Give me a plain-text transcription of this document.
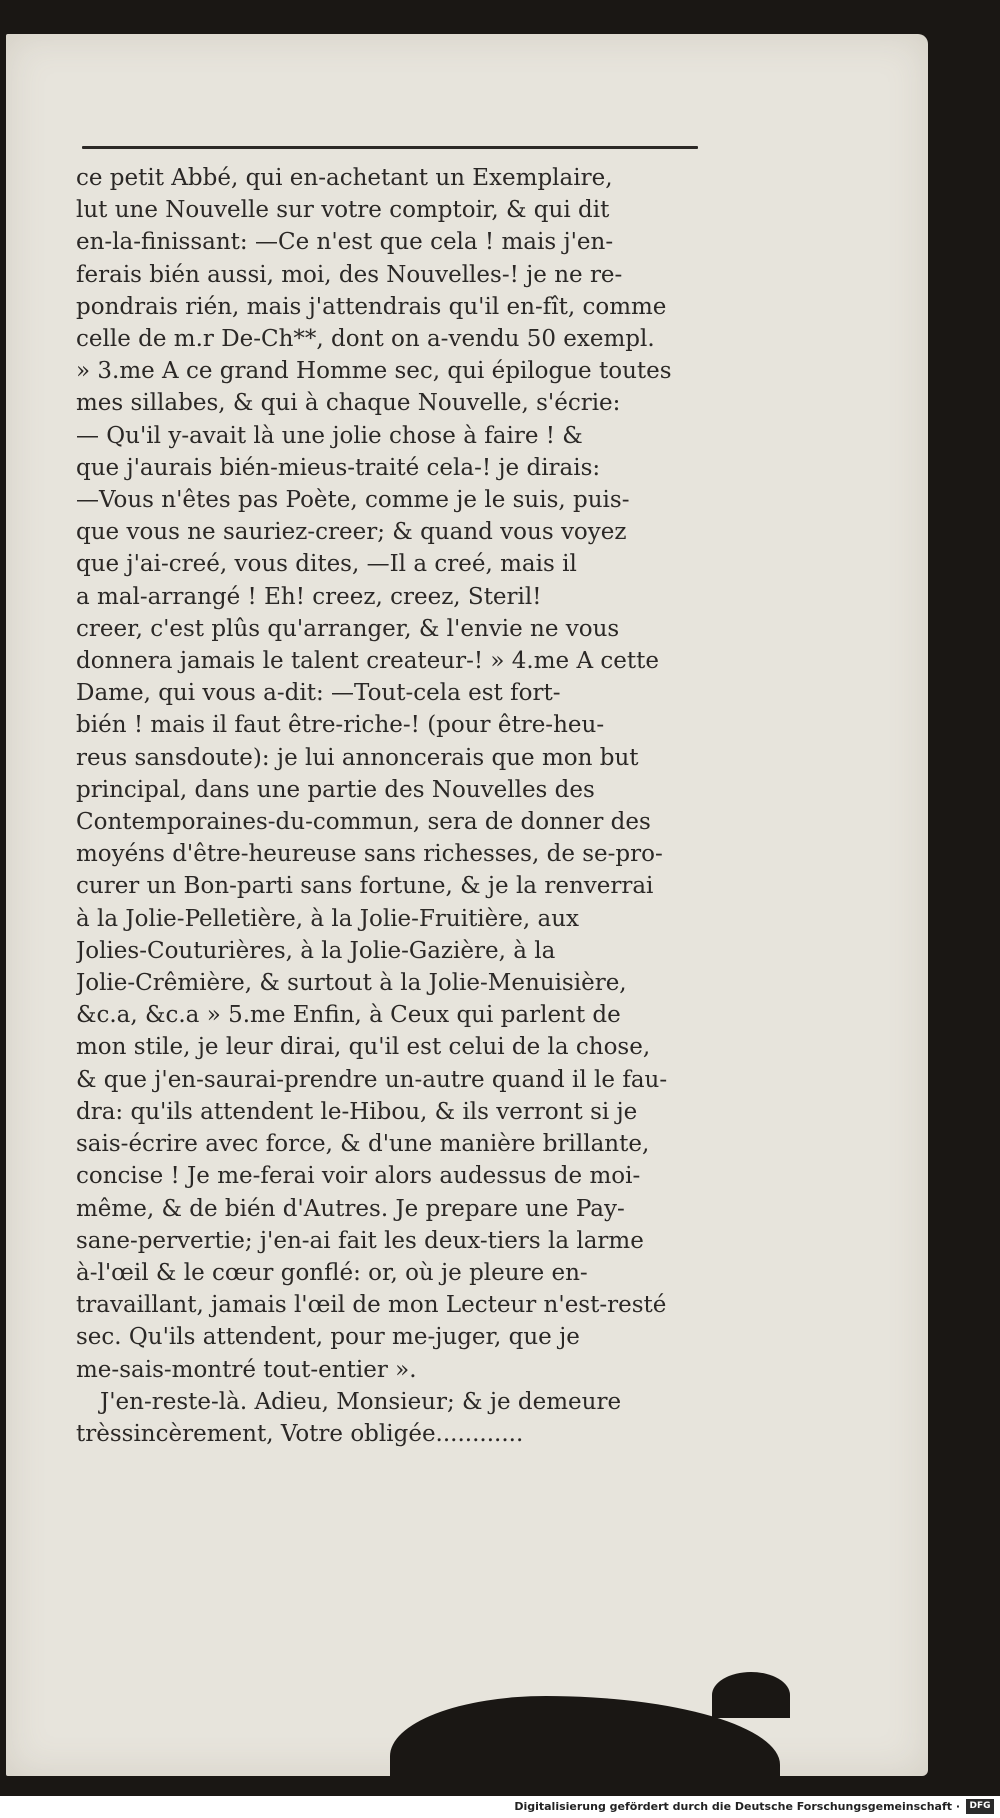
ce petit Abbé, qui en-achetant un Exemplaire,
lut une Nouvelle sur votre comptoir, & qui dit
en-la-finissant: —Ce n'est que cela ! mais j'en-
ferais bién aussi, moi, des Nouvelles-! je ne re-
pondrais rién, mais j'attendrais qu'il en-fît, comme
celle de m.r De-Ch**, dont on a-vendu 50 exempl.
» 3.me A ce grand Homme sec, qui épilogue toutes
mes sillabes, & qui à chaque Nouvelle, s'écrie:
— Qu'il y-avait là une jolie chose à faire ! &
que j'aurais bién-mieus-traité cela-! je dirais:
—Vous n'êtes pas Poète, comme je le suis, puis-
que vous ne sauriez-creer; & quand vous voyez
que j'ai-creé, vous dites, —Il a creé, mais il
a mal-arrangé ! Eh! creez, creez, Steril!
creer, c'est plûs qu'arranger, & l'envie ne vous
donnera jamais le talent createur-! » 4.me A cette
Dame, qui vous a-dit: —Tout-cela est fort-
bién ! mais il faut être-riche-! (pour être-heu-
reus sansdoute): je lui annoncerais que mon but
principal, dans une partie des Nouvelles des
Contemporaines-du-commun, sera de donner des
moyéns d'être-heureuse sans richesses, de se-pro-
curer un Bon-parti sans fortune, & je la renverrai
à la Jolie-Pelletière, à la Jolie-Fruitière, aux
Jolies-Couturières, à la Jolie-Gazière, à la
Jolie-Crêmière, & surtout à la Jolie-Menuisière,
&c.a, &c.a » 5.me Enfin, à Ceux qui parlent de
mon stile, je leur dirai, qu'il est celui de la chose,
& que j'en-saurai-prendre un-autre quand il le fau-
dra: qu'ils attendent le-Hibou, & ils verront si je
sais-écrire avec force, & d'une manière brillante,
concise ! Je me-ferai voir alors audessus de moi-
même, & de bién d'Autres. Je prepare une Pay-
sane-pervertie; j'en-ai fait les deux-tiers la larme
à-l'œil & le cœur gonflé: or, où je pleure en-
travaillant, jamais l'œil de mon Lecteur n'est-resté
sec. Qu'ils attendent, pour me-juger, que je
me-sais-montré tout-entier ».
J'en-reste-là. Adieu, Monsieur; & je demeure
trèssincèrement, Votre obligée............
Digitalisierung gefördert durch die Deutsche Forschungsgemeinschaft ·	DFG
